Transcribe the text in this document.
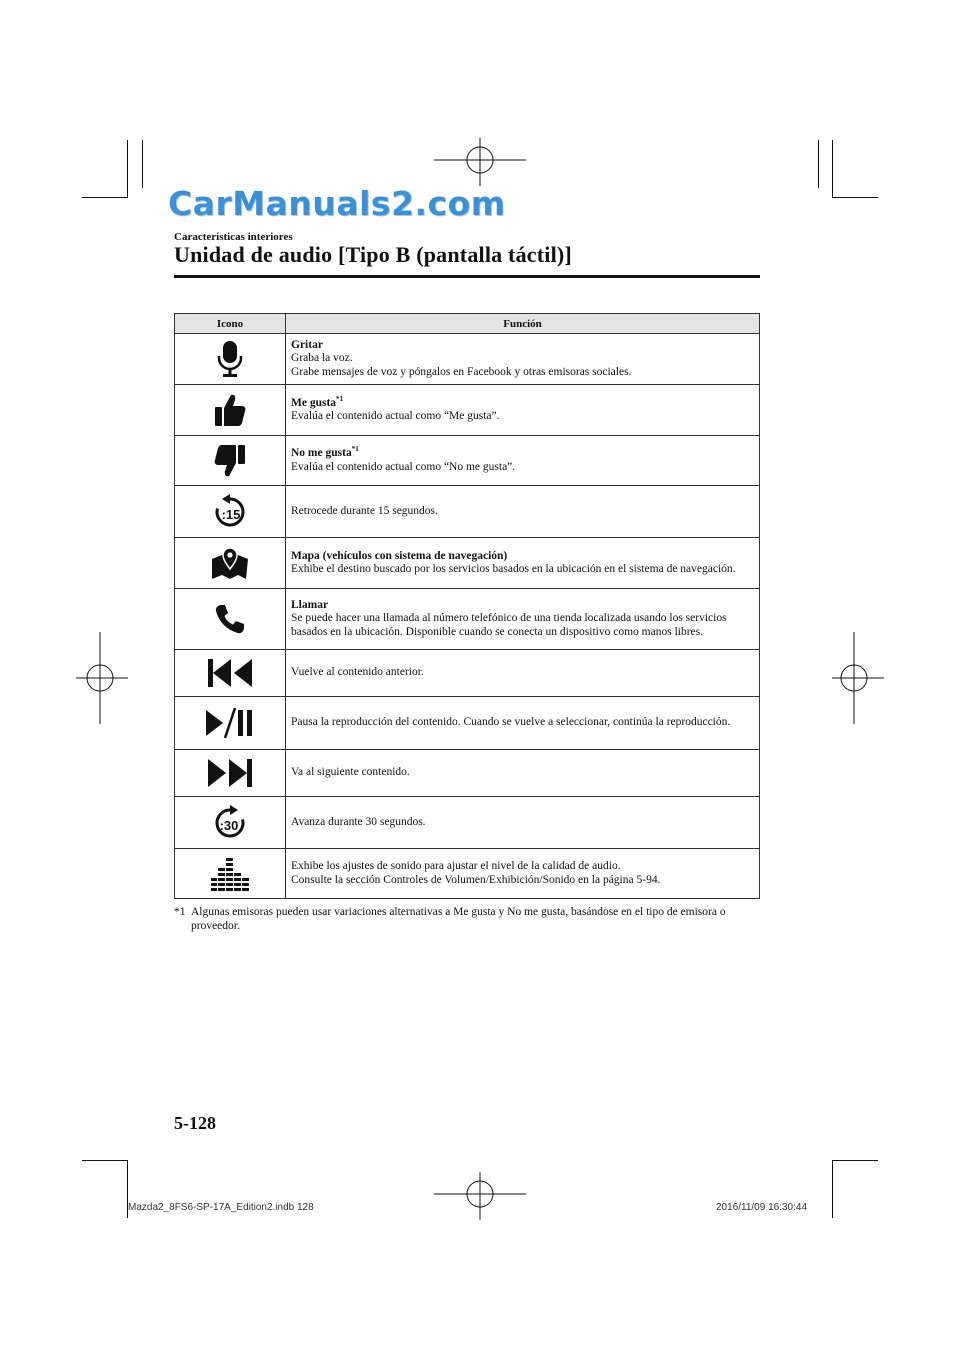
CarManuals2.com
Características interiores
Unidad de audio [Tipo B (pantalla táctil)]
Icono	Función

Gritar
Graba la voz.
Grabe mensajes de voz y póngalos en Facebook y otras emisoras sociales.

Me gusta$^{*1}$
Evalúa el contenido actual como “Me gusta”.

No me gusta$^{*1}$
Evalúa el contenido actual como “No me gusta”.

:15	Retrocede durante 15 segundos.

Mapa (vehículos con sistema de navegación)
Exhibe el destino buscado por los servicios basados en la ubicación en el sistema de navegación.

Llamar
Se puede hacer una llamada al número telefónico de una tienda localizada usando los servicios basados en la ubicación. Disponible cuando se conecta un dispositivo como manos libres.

Vuelve al contenido anterior.

Pausa la reproducción del contenido. Cuando se vuelve a seleccionar, continúa la reproducción.

Va al siguiente contenido.

:30	Avanza durante 30 segundos.

Exhibe los ajustes de sonido para ajustar el nivel de la calidad de audio.
Consulte la sección Controles de Volumen/Exhibición/Sonido en la página 5-94.
*1 Algunas emisoras pueden usar variaciones alternativas a Me gusta y No me gusta, basándose en el tipo de emisora o proveedor.
5-128
Mazda2_8FS6-SP-17A_Edition2.indb 128	2016/11/09 16:30:44
